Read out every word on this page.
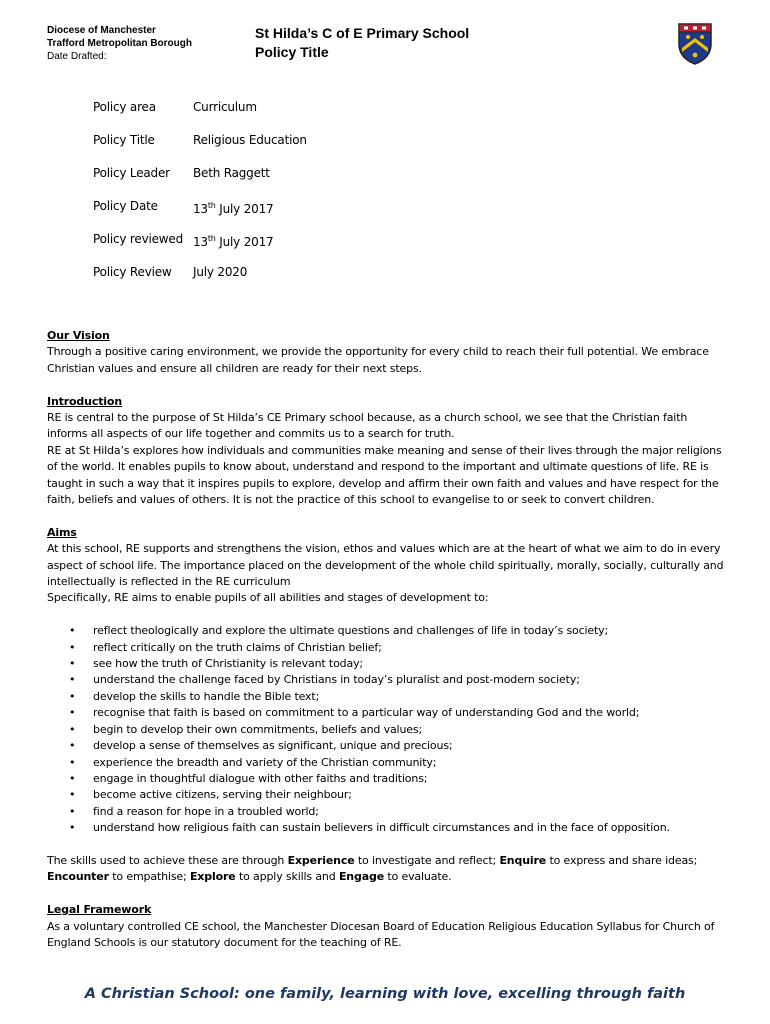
Diocese of Manchester
Trafford Metropolitan Borough
Date Drafted:
St Hilda’s C of E Primary School
Policy Title
Policy area	Curriculum
Policy Title	Religious Education
Policy Leader	Beth Raggett
Policy Date	13th July 2017
Policy reviewed 13th July 2017
Policy Review	July 2020

Our Vision

Through a positive caring environment, we provide the opportunity for every child to reach their full potential. We embrace Christian values and ensure all children are ready for their next steps.

Introduction

RE is central to the purpose of St Hilda’s CE Primary school because, as a church school, we see that the Christian faith informs all aspects of our life together and commits us to a search for truth.

RE at St Hilda’s explores how individuals and communities make meaning and sense of their lives through the major religions of the world. It enables pupils to know about, understand and respond to the important and ultimate questions of life. RE is taught in such a way that it inspires pupils to explore, develop and affirm their own faith and values and have respect for the faith, beliefs and values of others. It is not the practice of this school to evangelise to or seek to convert children.

Aims

At this school, RE supports and strengthens the vision, ethos and values which are at the heart of what we aim to do in every aspect of school life. The importance placed on the development of the whole child spiritually, morally, socially, culturally and intellectually is reflected in the RE curriculum

Specifically, RE aims to enable pupils of all abilities and stages of development to:

• reflect theologically and explore the ultimate questions and challenges of life in today’s society;
• reflect critically on the truth claims of Christian belief;
• see how the truth of Christianity is relevant today;
• understand the challenge faced by Christians in today’s pluralist and post-modern society;
• develop the skills to handle the Bible text;
• recognise that faith is based on commitment to a particular way of understanding God and the world;
• begin to develop their own commitments, beliefs and values;
• develop a sense of themselves as significant, unique and precious;
• experience the breadth and variety of the Christian community;
• engage in thoughtful dialogue with other faiths and traditions;
• become active citizens, serving their neighbour;
• find a reason for hope in a troubled world;
• understand how religious faith can sustain believers in difficult circumstances and in the face of opposition.

The skills used to achieve these are through Experience to investigate and reflect; Enquire to express and share ideas; Encounter to empathise; Explore to apply skills and Engage to evaluate.

Legal Framework

As a voluntary controlled CE school, the Manchester Diocesan Board of Education Religious Education Syllabus for Church of England Schools is our statutory document for the teaching of RE.

A Christian School: one family, learning with love, excelling through faith
